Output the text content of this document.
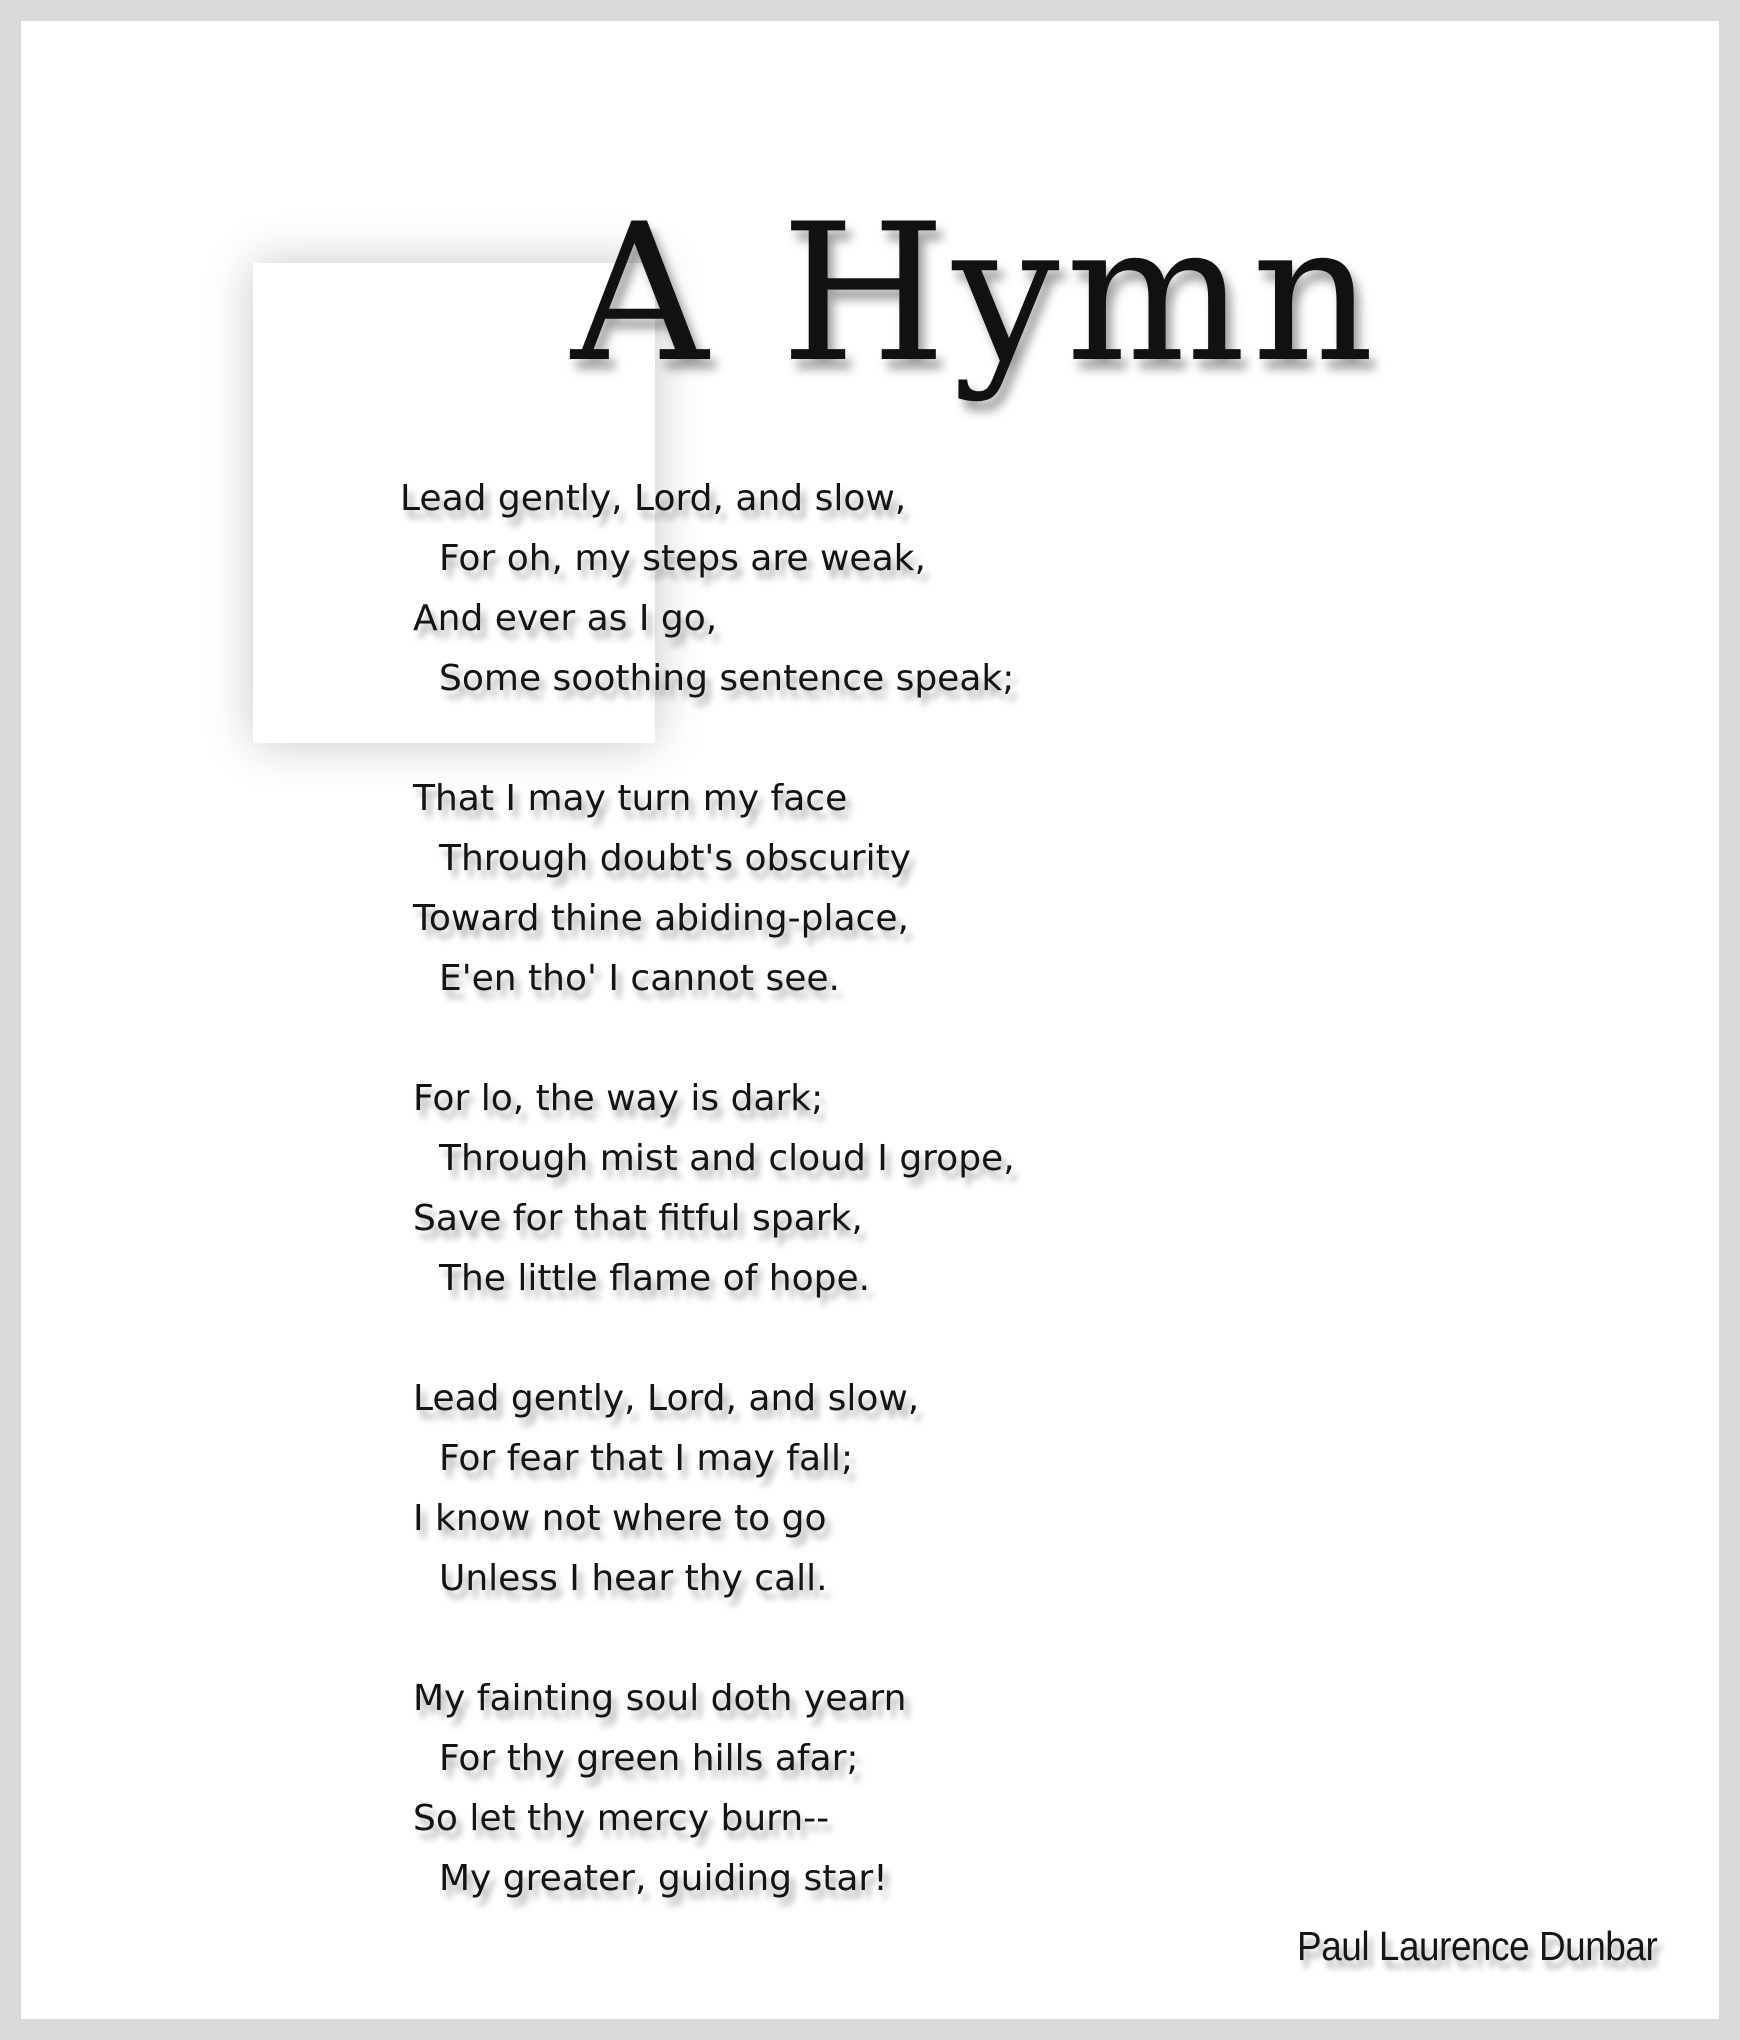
A Hymn
Lead gently, Lord, and slow,
For oh, my steps are weak,
And ever as I go,
Some soothing sentence speak;
That I may turn my face
Through doubt's obscurity
Toward thine abiding-place,
E'en tho' I cannot see.
For lo, the way is dark;
Through mist and cloud I grope,
Save for that fitful spark,
The little flame of hope.
Lead gently, Lord, and slow,
For fear that I may fall;
I know not where to go
Unless I hear thy call.
My fainting soul doth yearn
For thy green hills afar;
So let thy mercy burn--
My greater, guiding star!
Paul Laurence Dunbar
